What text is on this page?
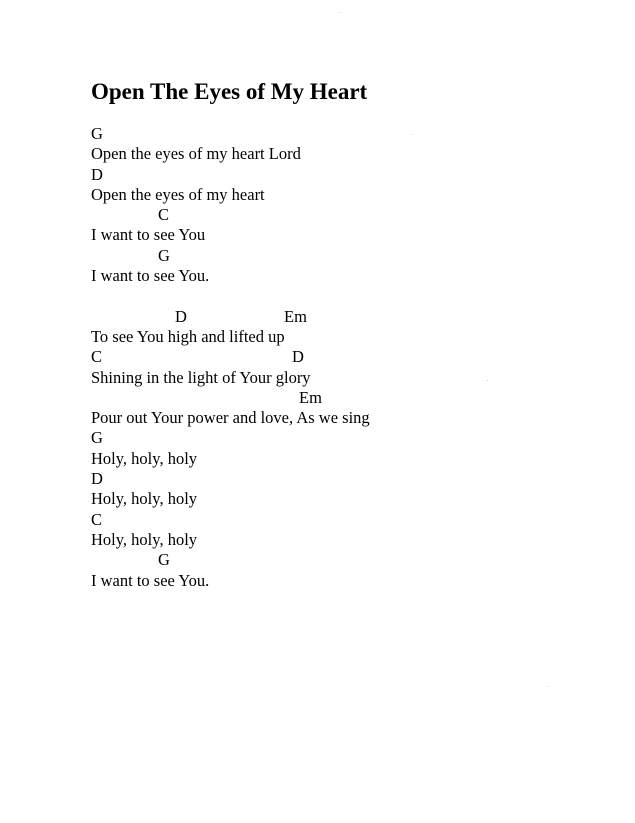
Open The Eyes of My Heart
G
Open the eyes of my heart Lord
D
Open the eyes of my heart
C
I want to see You
G
I want to see You.
D	Em
To see You high and lifted up
C	D
Shining in the light of Your glory
Em
Pour out Your power and love, As we sing
G
Holy, holy, holy
D
Holy, holy, holy
C
Holy, holy, holy
G
I want to see You.
